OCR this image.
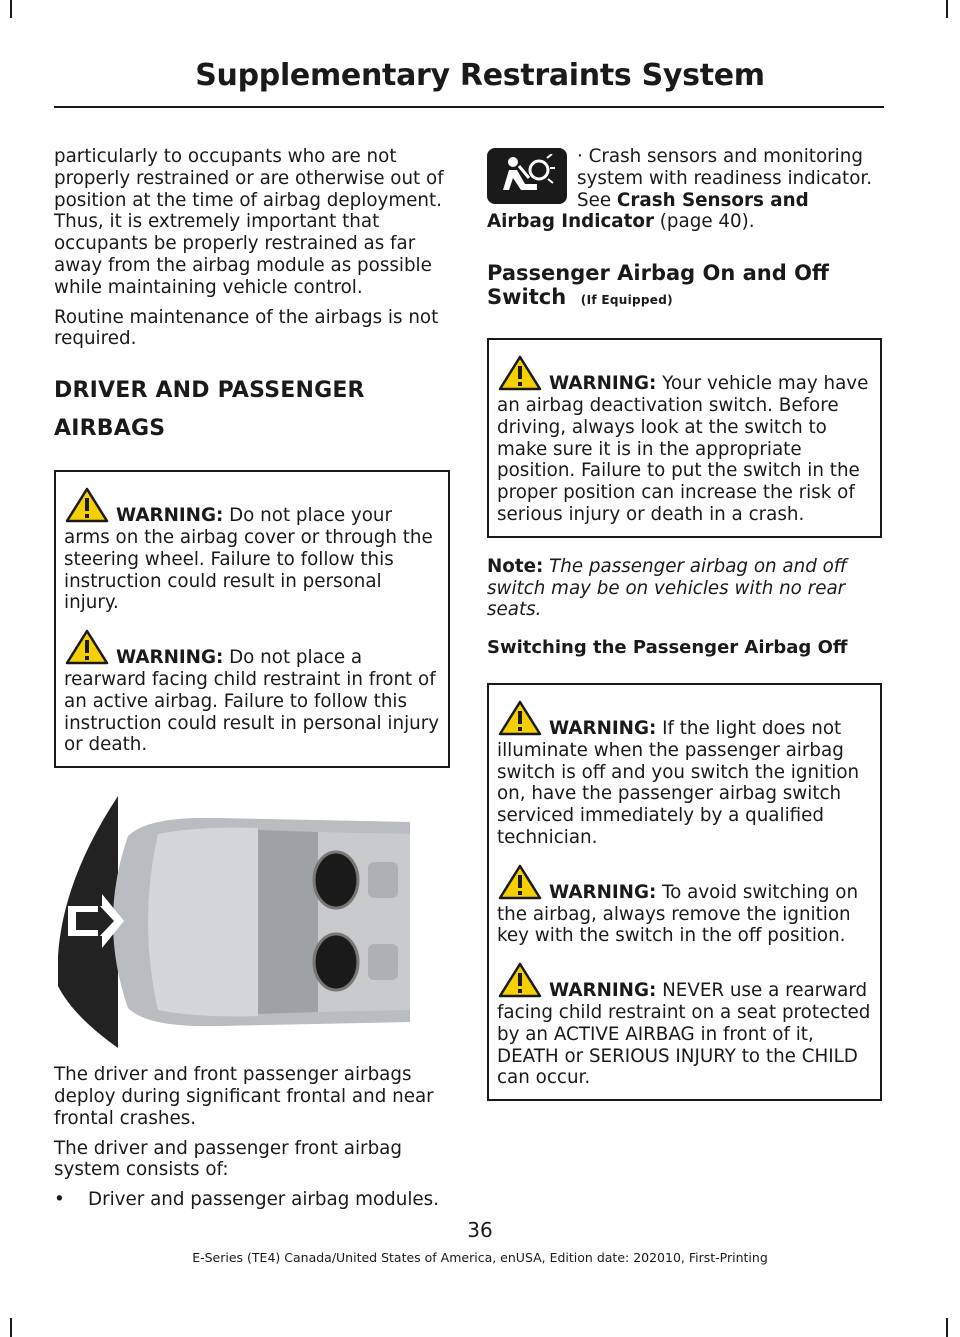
Supplementary Restraints System

particularly to occupants who are not properly restrained or are otherwise out of position at the time of airbag deployment. Thus, it is extremely important that occupants be properly restrained as far away from the airbag module as possible while maintaining vehicle control.

Routine maintenance of the airbags is not required.

DRIVER AND PASSENGER
AIRBAGS

WARNING: Do not place your arms on the airbag cover or through the steering wheel. Failure to follow this instruction could result in personal injury.

WARNING: Do not place a rearward facing child restraint in front of an active airbag. Failure to follow this instruction could result in personal injury or death.

The driver and front passenger airbags deploy during significant frontal and near frontal crashes.

The driver and passenger front airbag system consists of:

• Driver and passenger airbag modules.

· Crash sensors and monitoring system with readiness indicator. See Crash Sensors and Airbag Indicator (page 40).

Passenger Airbag On and Off Switch (If Equipped)

WARNING: Your vehicle may have an airbag deactivation switch. Before driving, always look at the switch to make sure it is in the appropriate position. Failure to put the switch in the proper position can increase the risk of serious injury or death in a crash.

Note: The passenger airbag on and off switch may be on vehicles with no rear seats.

Switching the Passenger Airbag Off

WARNING: If the light does not illuminate when the passenger airbag switch is off and you switch the ignition on, have the passenger airbag switch serviced immediately by a qualified technician.

WARNING: To avoid switching on the airbag, always remove the ignition key with the switch in the off position.

WARNING: NEVER use a rearward facing child restraint on a seat protected by an ACTIVE AIRBAG in front of it, DEATH or SERIOUS INJURY to the CHILD can occur.

36
E-Series (TE4) Canada/United States of America, enUSA, Edition date: 202010, First-Printing
